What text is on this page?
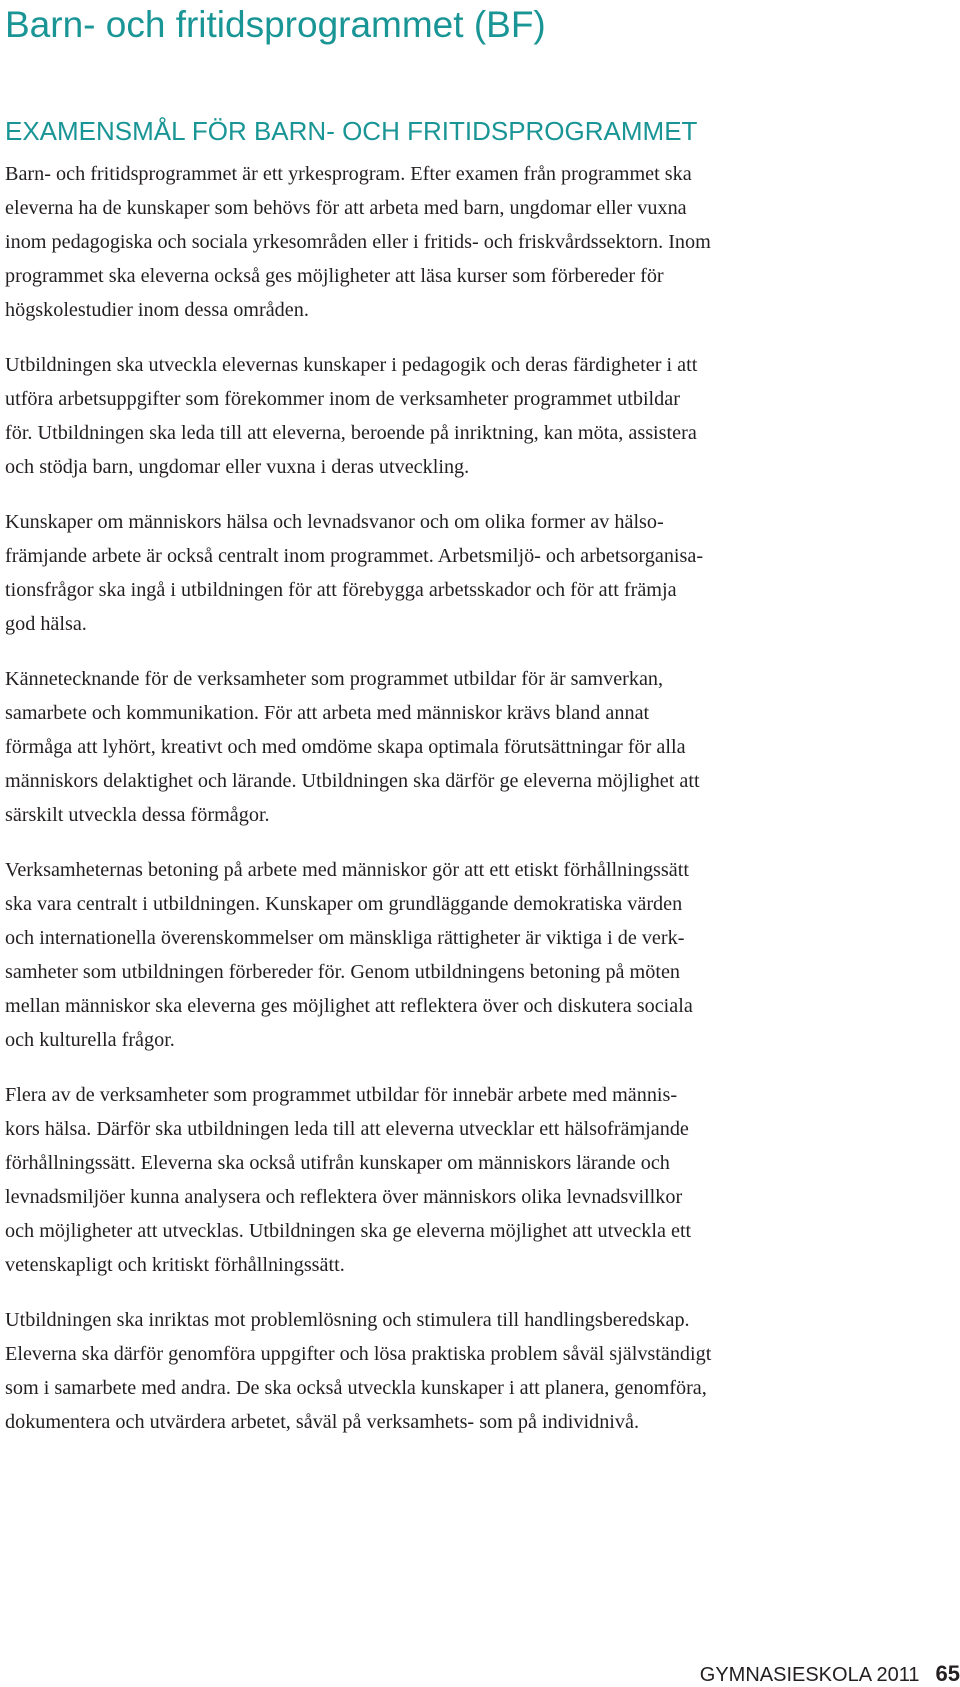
Barn- och fritidsprogrammet (BF)
EXAMENSMÅL FÖR BARN- OCH FRITIDSPROGRAMMET

Barn- och fritidsprogrammet är ett yrkesprogram. Efter examen från programmet ska
eleverna ha de kunskaper som behövs för att arbeta med barn, ungdomar eller vuxna
inom pedagogiska och sociala yrkesområden eller i fritids- och friskvårdssektorn. Inom
programmet ska eleverna också ges möjligheter att läsa kurser som förbereder för
högskolestudier inom dessa områden.

Utbildningen ska utveckla elevernas kunskaper i pedagogik och deras färdigheter i att
utföra arbetsuppgifter som förekommer inom de verksamheter programmet utbildar
för. Utbildningen ska leda till att eleverna, beroende på inriktning, kan möta, assistera
och stödja barn, ungdomar eller vuxna i deras utveckling.

Kunskaper om människors hälsa och levnadsvanor och om olika former av hälso-
främjande arbete är också centralt inom programmet. Arbetsmiljö- och arbetsorganisa-
tionsfrågor ska ingå i utbildningen för att förebygga arbetsskador och för att främja
god hälsa.

Kännetecknande för de verksamheter som programmet utbildar för är samverkan,
samarbete och kommunikation. För att arbeta med människor krävs bland annat
förmåga att lyhört, kreativt och med omdöme skapa optimala förutsättningar för alla
människors delaktighet och lärande. Utbildningen ska därför ge eleverna möjlighet att
särskilt utveckla dessa förmågor.

Verksamheternas betoning på arbete med människor gör att ett etiskt förhållningssätt
ska vara centralt i utbildningen. Kunskaper om grundläggande demokratiska värden
och internationella överenskommelser om mänskliga rättigheter är viktiga i de verk-
samheter som utbildningen förbereder för. Genom utbildningens betoning på möten
mellan människor ska eleverna ges möjlighet att reflektera över och diskutera sociala
och kulturella frågor.

Flera av de verksamheter som programmet utbildar för innebär arbete med männis-
kors hälsa. Därför ska utbildningen leda till att eleverna utvecklar ett hälsofrämjande
förhållningssätt. Eleverna ska också utifrån kunskaper om människors lärande och
levnadsmiljöer kunna analysera och reflektera över människors olika levnadsvillkor
och möjligheter att utvecklas. Utbildningen ska ge eleverna möjlighet att utveckla ett
vetenskapligt och kritiskt förhållningssätt.

Utbildningen ska inriktas mot problemlösning och stimulera till handlingsberedskap.
Eleverna ska därför genomföra uppgifter och lösa praktiska problem såväl självständigt
som i samarbete med andra. De ska också utveckla kunskaper i att planera, genomföra,
dokumentera och utvärdera arbetet, såväl på verksamhets- som på individnivå.

GYMNASIESKOLA 2011 65
